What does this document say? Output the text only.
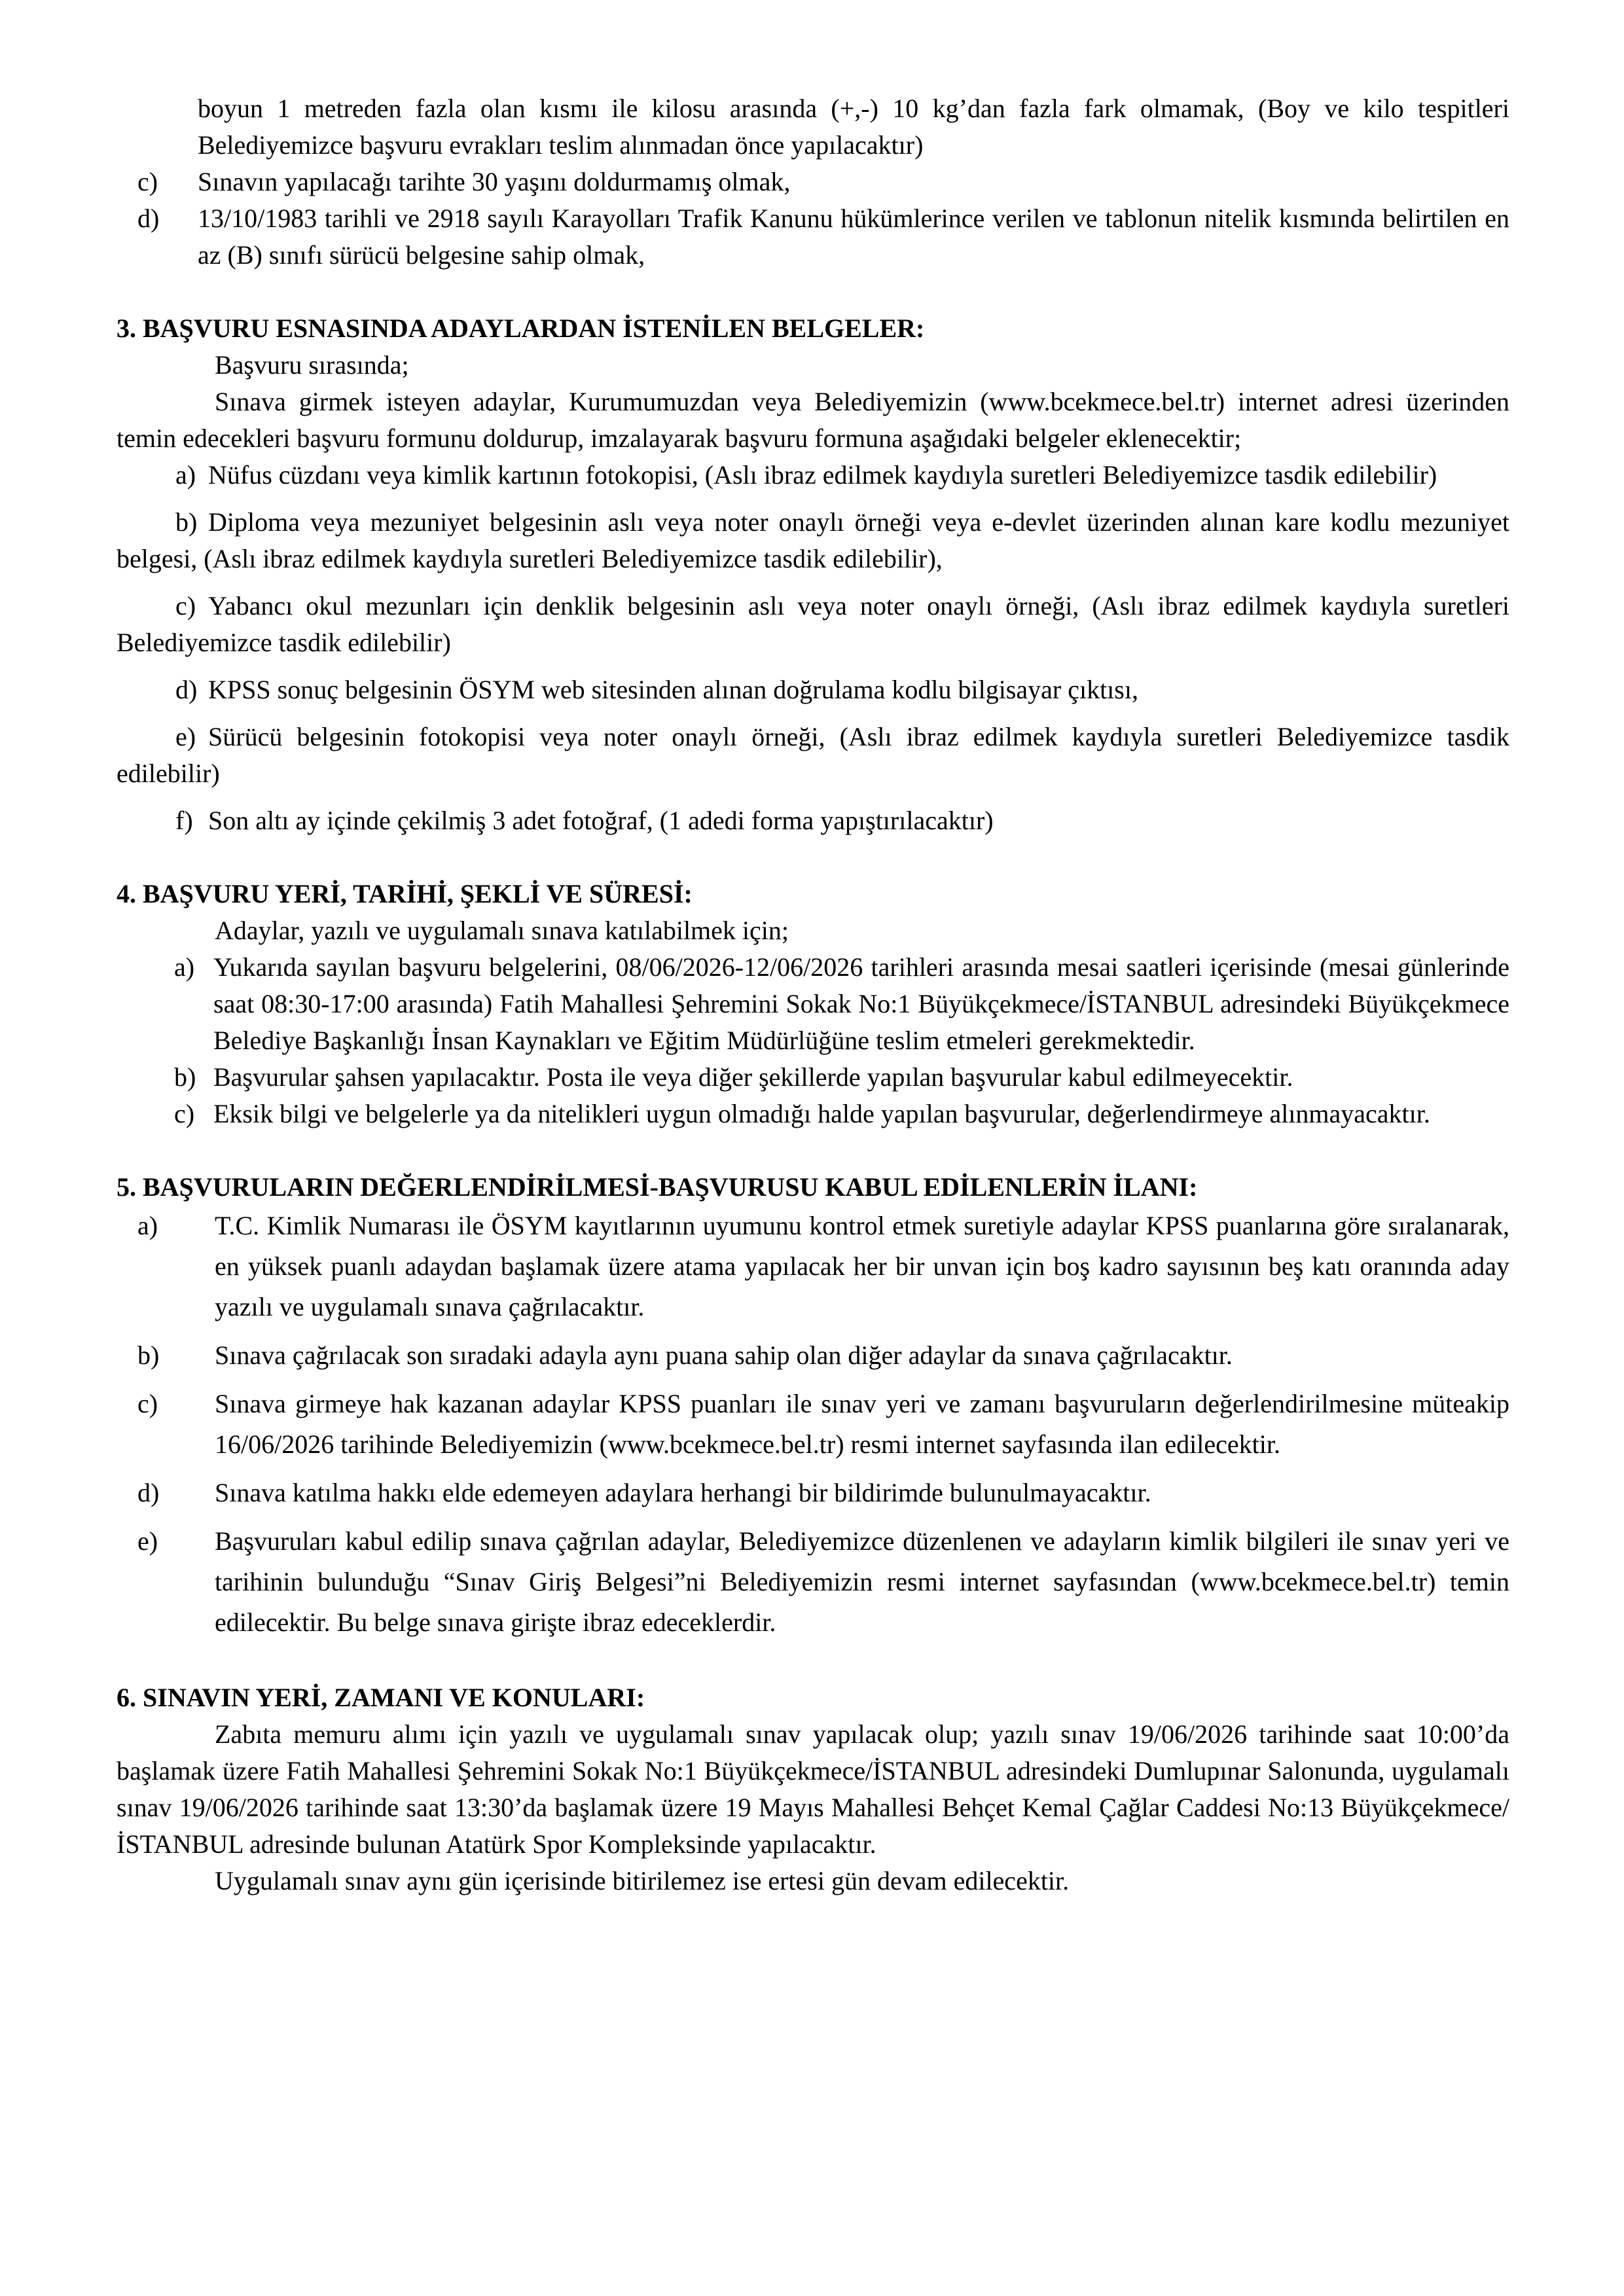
boyun 1 metreden fazla olan kısmı ile kilosu arasında (+,-) 10 kg’dan fazla fark olmamak, (Boy ve kilo tespitleri Belediyemizce başvuru evrakları teslim alınmadan önce yapılacaktır)

c)	Sınavın yapılacağı tarihte 30 yaşını doldurmamış olmak,
d)	13/10/1983 tarihli ve 2918 sayılı Karayolları Trafik Kanunu hükümlerince verilen ve tablonun nitelik kısmında belirtilen en az (B) sınıfı sürücü belgesine sahip olmak,

3. BAŞVURU ESNASINDA ADAYLARDAN İSTENİLEN BELGELER:

Başvuru sırasında;

Sınava girmek isteyen adaylar, Kurumumuzdan veya Belediyemizin (www.bcekmece.bel.tr) internet adresi üzerinden temin edecekleri başvuru formunu doldurup, imzalayarak başvuru formuna aşağıdaki belgeler eklenecektir;

a) Nüfus cüzdanı veya kimlik kartının fotokopisi, (Aslı ibraz edilmek kaydıyla suretleri Belediyemizce tasdik edilebilir)

b) Diploma veya mezuniyet belgesinin aslı veya noter onaylı örneği veya e-devlet üzerinden alınan kare kodlu mezuniyet belgesi, (Aslı ibraz edilmek kaydıyla suretleri Belediyemizce tasdik edilebilir),

c) Yabancı okul mezunları için denklik belgesinin aslı veya noter onaylı örneği, (Aslı ibraz edilmek kaydıyla suretleri Belediyemizce tasdik edilebilir)

d) KPSS sonuç belgesinin ÖSYM web sitesinden alınan doğrulama kodlu bilgisayar çıktısı,

e) Sürücü belgesinin fotokopisi veya noter onaylı örneği, (Aslı ibraz edilmek kaydıyla suretleri Belediyemizce tasdik edilebilir)

f) Son altı ay içinde çekilmiş 3 adet fotoğraf, (1 adedi forma yapıştırılacaktır)

4. BAŞVURU YERİ, TARİHİ, ŞEKLİ VE SÜRESİ:

Adaylar, yazılı ve uygulamalı sınava katılabilmek için;

a) Yukarıda sayılan başvuru belgelerini, 08/06/2026-12/06/2026 tarihleri arasında mesai saatleri içerisinde (mesai günlerinde saat 08:30-17:00 arasında) Fatih Mahallesi Şehremini Sokak No:1 Büyükçekmece/İSTANBUL adresindeki Büyükçekmece Belediye Başkanlığı İnsan Kaynakları ve Eğitim Müdürlüğüne teslim etmeleri gerekmektedir.
b) Başvurular şahsen yapılacaktır. Posta ile veya diğer şekillerde yapılan başvurular kabul edilmeyecektir.
c) Eksik bilgi ve belgelerle ya da nitelikleri uygun olmadığı halde yapılan başvurular, değerlendirmeye alınmayacaktır.

5. BAŞVURULARIN DEĞERLENDİRİLMESİ-BAŞVURUSU KABUL EDİLENLERİN İLANI:

a)	T.C. Kimlik Numarası ile ÖSYM kayıtlarının uyumunu kontrol etmek suretiyle adaylar KPSS puanlarına göre sıralanarak, en yüksek puanlı adaydan başlamak üzere atama yapılacak her bir unvan için boş kadro sayısının beş katı oranında aday yazılı ve uygulamalı sınava çağrılacaktır.
b)	Sınava çağrılacak son sıradaki adayla aynı puana sahip olan diğer adaylar da sınava çağrılacaktır.
c)	Sınava girmeye hak kazanan adaylar KPSS puanları ile sınav yeri ve zamanı başvuruların değerlendirilmesine müteakip 16/06/2026 tarihinde Belediyemizin (www.bcekmece.bel.tr) resmi internet sayfasında ilan edilecektir.
d)	Sınava katılma hakkı elde edemeyen adaylara herhangi bir bildirimde bulunulmayacaktır.
e)	Başvuruları kabul edilip sınava çağrılan adaylar, Belediyemizce düzenlenen ve adayların kimlik bilgileri ile sınav yeri ve tarihinin bulunduğu “Sınav Giriş Belgesi”ni Belediyemizin resmi internet sayfasından (www.bcekmece.bel.tr) temin edilecektir. Bu belge sınava girişte ibraz edeceklerdir.

6. SINAVIN YERİ, ZAMANI VE KONULARI:

Zabıta memuru alımı için yazılı ve uygulamalı sınav yapılacak olup; yazılı sınav 19/06/2026 tarihinde saat 10:00’da başlamak üzere Fatih Mahallesi Şehremini Sokak No:1 Büyükçekmece/İSTANBUL adresindeki Dumlupınar Salonunda, uygulamalı sınav 19/06/2026 tarihinde saat 13:30’da başlamak üzere 19 Mayıs Mahallesi Behçet Kemal Çağlar Caddesi No:13 Büyükçekmece/İSTANBUL adresinde bulunan Atatürk Spor Kompleksinde yapılacaktır.

Uygulamalı sınav aynı gün içerisinde bitirilemez ise ertesi gün devam edilecektir.
